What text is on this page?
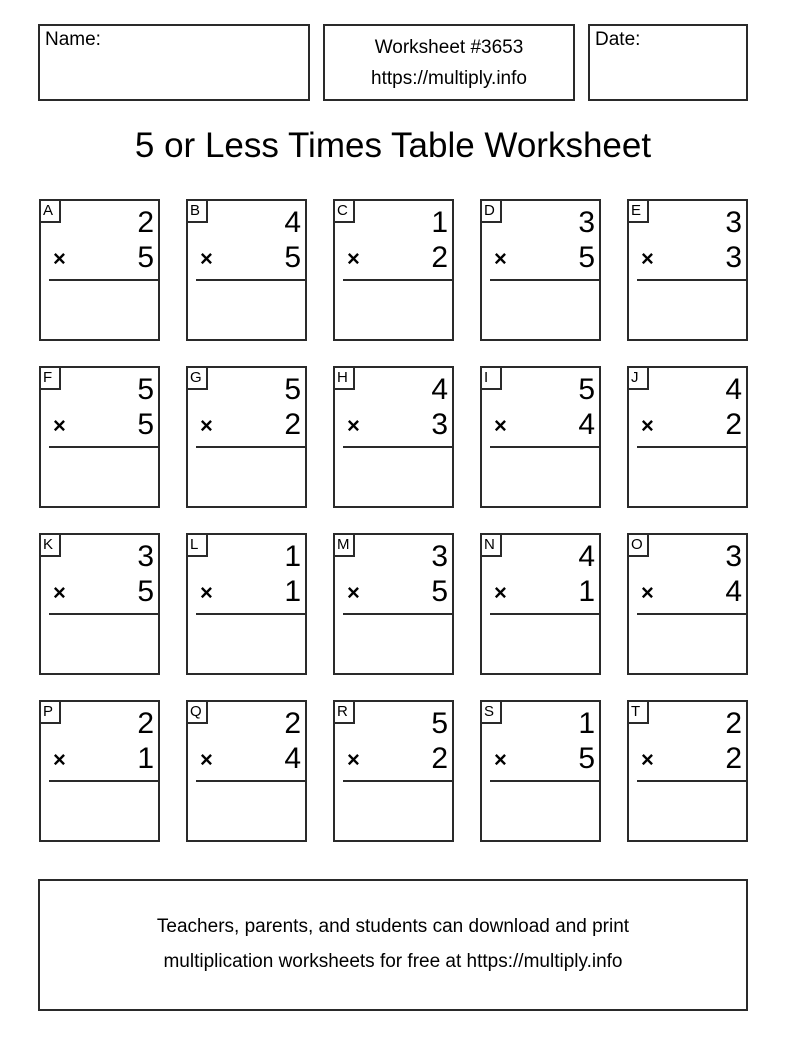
Name:	Worksheet #3653
https://multiply.info
Date:
5 or Less Times Table Worksheet
A	2
× 5
B	4
× 5
C	1
× 2
D	3
× 5
E	3
× 3
F	5
× 5
G	5
× 2
H	4
× 3
I	5
× 4
J	4
× 2
K	3
× 5
L	1
× 1
M	3
× 5
N	4
× 1
O	3
× 4
P	2
× 1
Q	2
× 4
R	5
× 2
S	1
× 5
T	2
× 2
Teachers, parents, and students can download and print
multiplication worksheets for free at https://multiply.info
